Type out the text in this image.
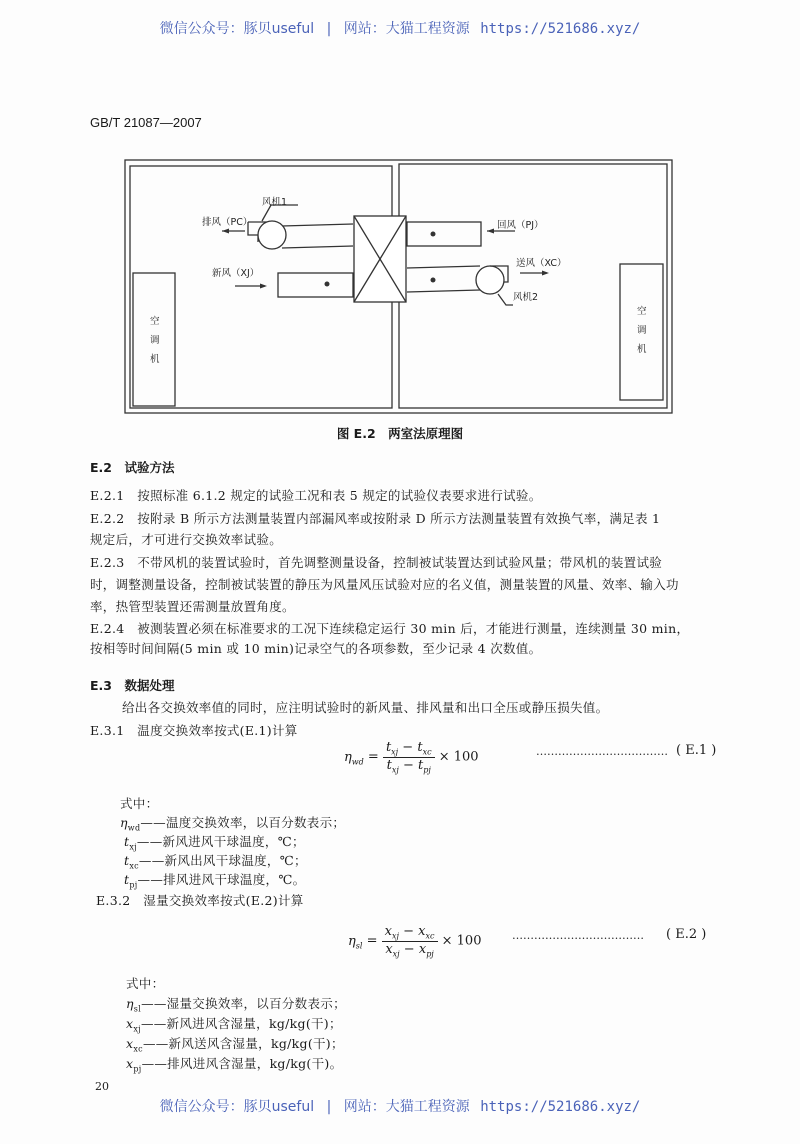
微信公众号：豚贝useful | 网站：大猫工程资源 https://521686.xyz/
GB/T 21087—2007
风机1
排风（PC）	回风（PJ）
新风（XJ）
送风（XC）
风机2
空
调
机
空
调
机
图 E.2　两室法原理图
E.2　试验方法
E.2.1　按照标准 6.1.2 规定的试验工况和表 5 规定的试验仪表要求进行试验。
E.2.2　按附录 B 所示方法测量装置内部漏风率或按附录 D 所示方法测量装置有效换气率，满足表 1
规定后，才可进行交换效率试验。
E.2.3　不带风机的装置试验时，首先调整测量设备，控制被试装置达到试验风量；带风机的装置试验
时，调整测量设备，控制被试装置的静压为风量风压试验对应的名义值，测量装置的风量、效率、输入功
率，热管型装置还需测量放置角度。
E.2.4　被测装置必须在标准要求的工况下连续稳定运行 30 min 后，才能进行测量，连续测量 30 min，
按相等时间间隔(5 min 或 10 min)记录空气的各项参数，至少记录 4 次数值。
E.3　数据处理
给出各交换效率值的同时，应注明试验时的新风量、排风量和出口全压或静压损失值。
E.3.1　温度交换效率按式(E.1)计算
$\eta_{wd} = \frac{t_{xj} - t_{xc}}{t_{xj} - t_{pj}} \times 100$	……………………………… ( E.1 )
式中：
$\eta_{wd}——$温度交换效率，以百分数表示；
$t_{xj}——$新风进风干球温度，℃；
$t_{xc}——$新风出风干球温度，℃；
$t_{pj}——$排风进风干球温度，℃。
E.3.2　湿量交换效率按式(E.2)计算
$\eta_{sl} = \frac{x_{xj} - x_{xc}}{x_{xj} - x_{pj}} \times 100$	……………………………… ( E.2 )
式中：
$\eta_{sl}——$湿量交换效率，以百分数表示；
$x_{xj}——$新风进风含湿量，kg/kg(干)；
$x_{xc}——$新风送风含湿量，kg/kg(干)；
$x_{pj}——$排风进风含湿量，kg/kg(干)。
20
微信公众号：豚贝useful | 网站：大猫工程资源 https://521686.xyz/
